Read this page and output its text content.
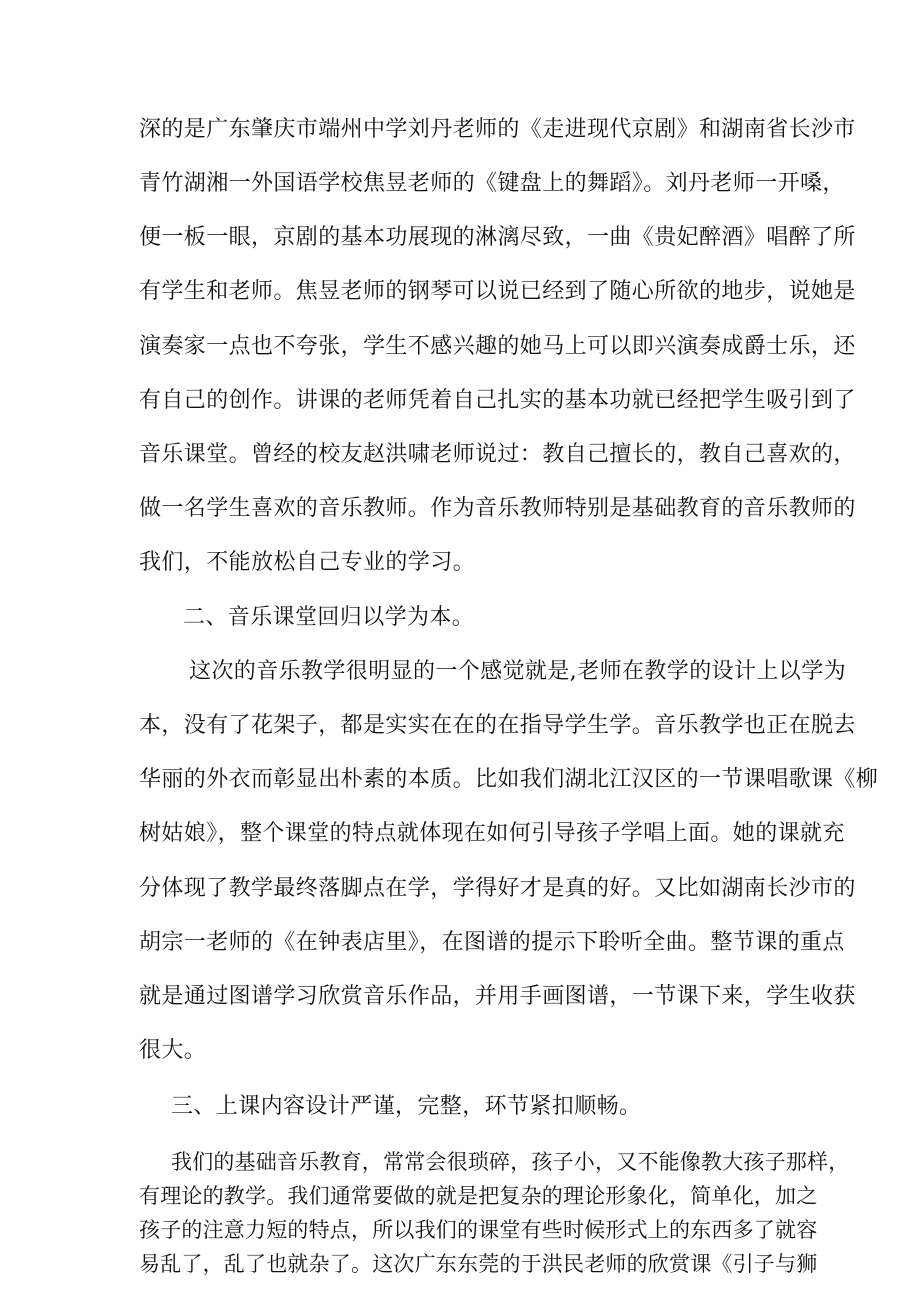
深的是广东肇庆市端州中学刘丹老师的《走进现代京剧》和湖南省长沙市
青竹湖湘一外国语学校焦昱老师的《键盘上的舞蹈》。刘丹老师一开嗓，
便一板一眼，京剧的基本功展现的淋漓尽致，一曲《贵妃醉酒》唱醉了所
有学生和老师。焦昱老师的钢琴可以说已经到了随心所欲的地步，说她是
演奏家一点也不夸张，学生不感兴趣的她马上可以即兴演奏成爵士乐，还
有自己的创作。讲课的老师凭着自己扎实的基本功就已经把学生吸引到了
音乐课堂。曾经的校友赵洪啸老师说过：教自己擅长的，教自己喜欢的，
做一名学生喜欢的音乐教师。作为音乐教师特别是基础教育的音乐教师的
我们，不能放松自己专业的学习。
二、音乐课堂回归以学为本。
这次的音乐教学很明显的一个感觉就是,老师在教学的设计上以学为
本，没有了花架子，都是实实在在的在指导学生学。音乐教学也正在脱去
华丽的外衣而彰显出朴素的本质。比如我们湖北江汉区的一节课唱歌课《柳
树姑娘》，整个课堂的特点就体现在如何引导孩子学唱上面。她的课就充
分体现了教学最终落脚点在学，学得好才是真的好。又比如湖南长沙市的
胡宗一老师的《在钟表店里》，在图谱的提示下聆听全曲。整节课的重点
就是通过图谱学习欣赏音乐作品，并用手画图谱，一节课下来，学生收获
很大。
三、上课内容设计严谨，完整，环节紧扣顺畅。
我们的基础音乐教育，常常会很琐碎，孩子小，又不能像教大孩子那样，
有理论的教学。我们通常要做的就是把复杂的理论形象化，简单化，加之
孩子的注意力短的特点，所以我们的课堂有些时候形式上的东西多了就容
易乱了，乱了也就杂了。这次广东东莞的于洪民老师的欣赏课《引子与狮
